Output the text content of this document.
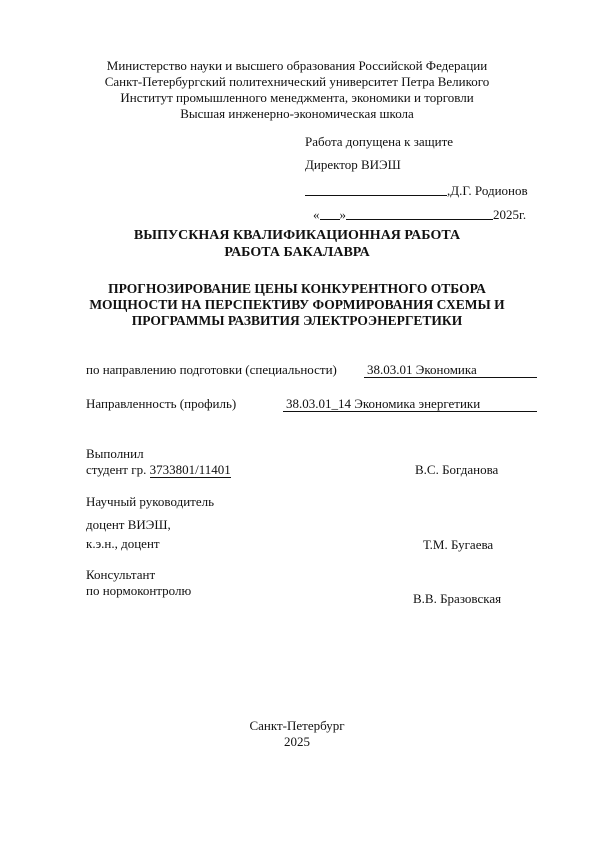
Министерство науки и высшего образования Российской Федерации
Санкт-Петербургский политехнический университет Петра Великого
Институт промышленного менеджмента, экономики и торговли
Высшая инженерно-экономическая школа
Работа допущена к защите
Директор ВИЭШ
,Д.Г. Родионов
« »	2025г.
ВЫПУСКНАЯ КВАЛИФИКАЦИОННАЯ РАБОТА
РАБОТА БАКАЛАВРА
ПРОГНОЗИРОВАНИЕ ЦЕНЫ КОНКУРЕНТНОГО ОТБОРА
МОЩНОСТИ НА ПЕРСПЕКТИВУ ФОРМИРОВАНИЯ СХЕМЫ И
ПРОГРАММЫ РАЗВИТИЯ ЭЛЕКТРОЭНЕРГЕТИКИ
по направлению подготовки (специальности) 38.03.01 Экономика
Направленность (профиль)	38.03.01_14 Экономика энергетики
Выполнил
студент гр. 3733801/11401	В.С. Богданова
Научный руководитель
доцент ВИЭШ,
к.э.н., доцент	Т.М. Бугаева
Консультант
по нормоконтролю
В.В. Бразовская
Санкт-Петербург
2025
